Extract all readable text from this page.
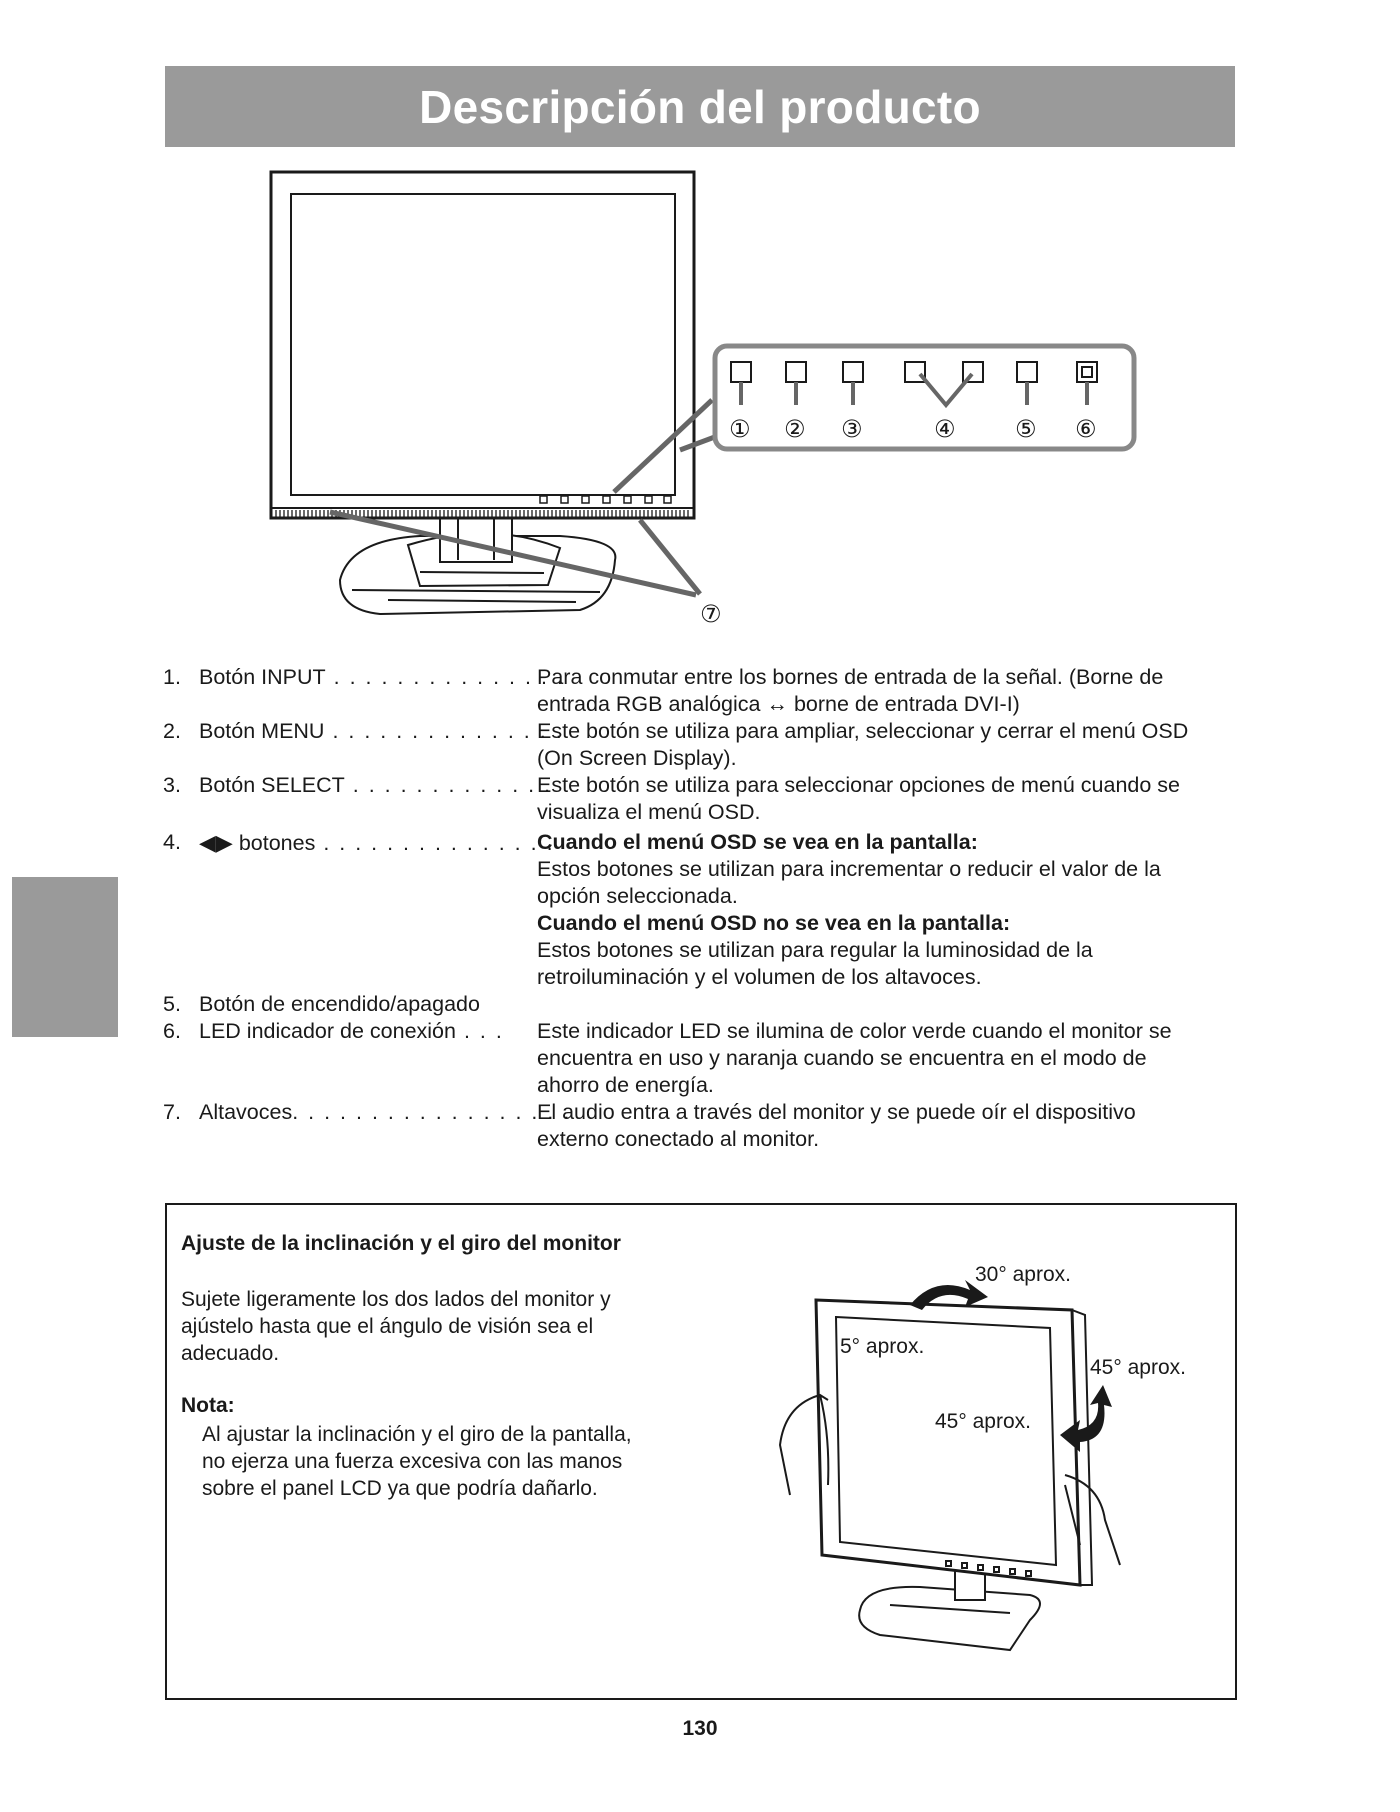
Descripción del producto
① ② ③	④ ⑤ ⑥
⑦
1. Botón INPUT . . . . . . . . . . . . . . .
Para conmutar entre los bornes de entrada de la señal. (Borne de
entrada RGB analógica ↔ borne de entrada DVI-I)
2. Botón MENU . . . . . . . . . . . . . . .
Este botón se utiliza para ampliar, seleccionar y cerrar el menú OSD
(On Screen Display).
3. Botón SELECT . . . . . . . . . . . . .
Este botón se utiliza para seleccionar opciones de menú cuando se
visualiza el menú OSD.
4. ◀▶ botones . . . . . . . . . . . . . . .
Cuando el menú OSD se vea en la pantalla:
Estos botones se utilizan para incrementar o reducir el valor de la
opción seleccionada.
Cuando el menú OSD no se vea en la pantalla:
Estos botones se utilizan para regular la luminosidad de la
retroiluminación y el volumen de los altavoces.
5. Botón de encendido/apagado
6. LED indicador de conexión . . .	Este indicador LED se ilumina de color verde cuando el monitor se
encuentra en uso y naranja cuando se encuentra en el modo de
ahorro de energía.
7. Altavoces. . . . . . . . . . . . . . . . . .
El audio entra a través del monitor y se puede oír el dispositivo
externo conectado al monitor.
Ajuste de la inclinación y el giro del monitor
Sujete ligeramente los dos lados del monitor y
ajústelo hasta que el ángulo de visión sea el
adecuado.
Nota:
Al ajustar la inclinación y el giro de la pantalla,
no ejerza una fuerza excesiva con las manos
sobre el panel LCD ya que podría dañarlo.
30° aprox.
5° aprox.
45° aprox.
45° aprox.
130
